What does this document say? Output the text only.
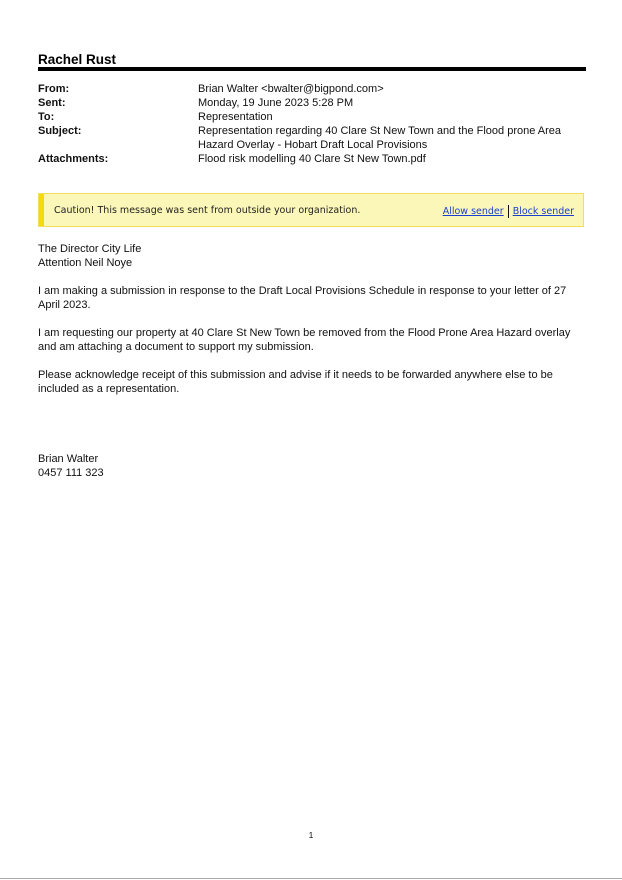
Rachel Rust
From:	Brian Walter <bwalter@bigpond.com>
Sent:	Monday, 19 June 2023 5:28 PM
To:	Representation
Subject:	Representation regarding 40 Clare St New Town and the Flood prone Area Hazard Overlay - Hobart Draft Local Provisions
Attachments:	Flood risk modelling 40 Clare St New Town.pdf
Caution! This message was sent from outside your organization.	Allow sender Block sender

The Director City Life
Attention Neil Noye

I am making a submission in response to the Draft Local Provisions Schedule in response to your letter of 27 April 2023.

I am requesting our property at 40 Clare St New Town be removed from the Flood Prone Area Hazard overlay and am attaching a document to support my submission.

Please acknowledge receipt of this submission and advise if it needs to be forwarded anywhere else to be included as a representation.

Brian Walter
0457 111 323
1
